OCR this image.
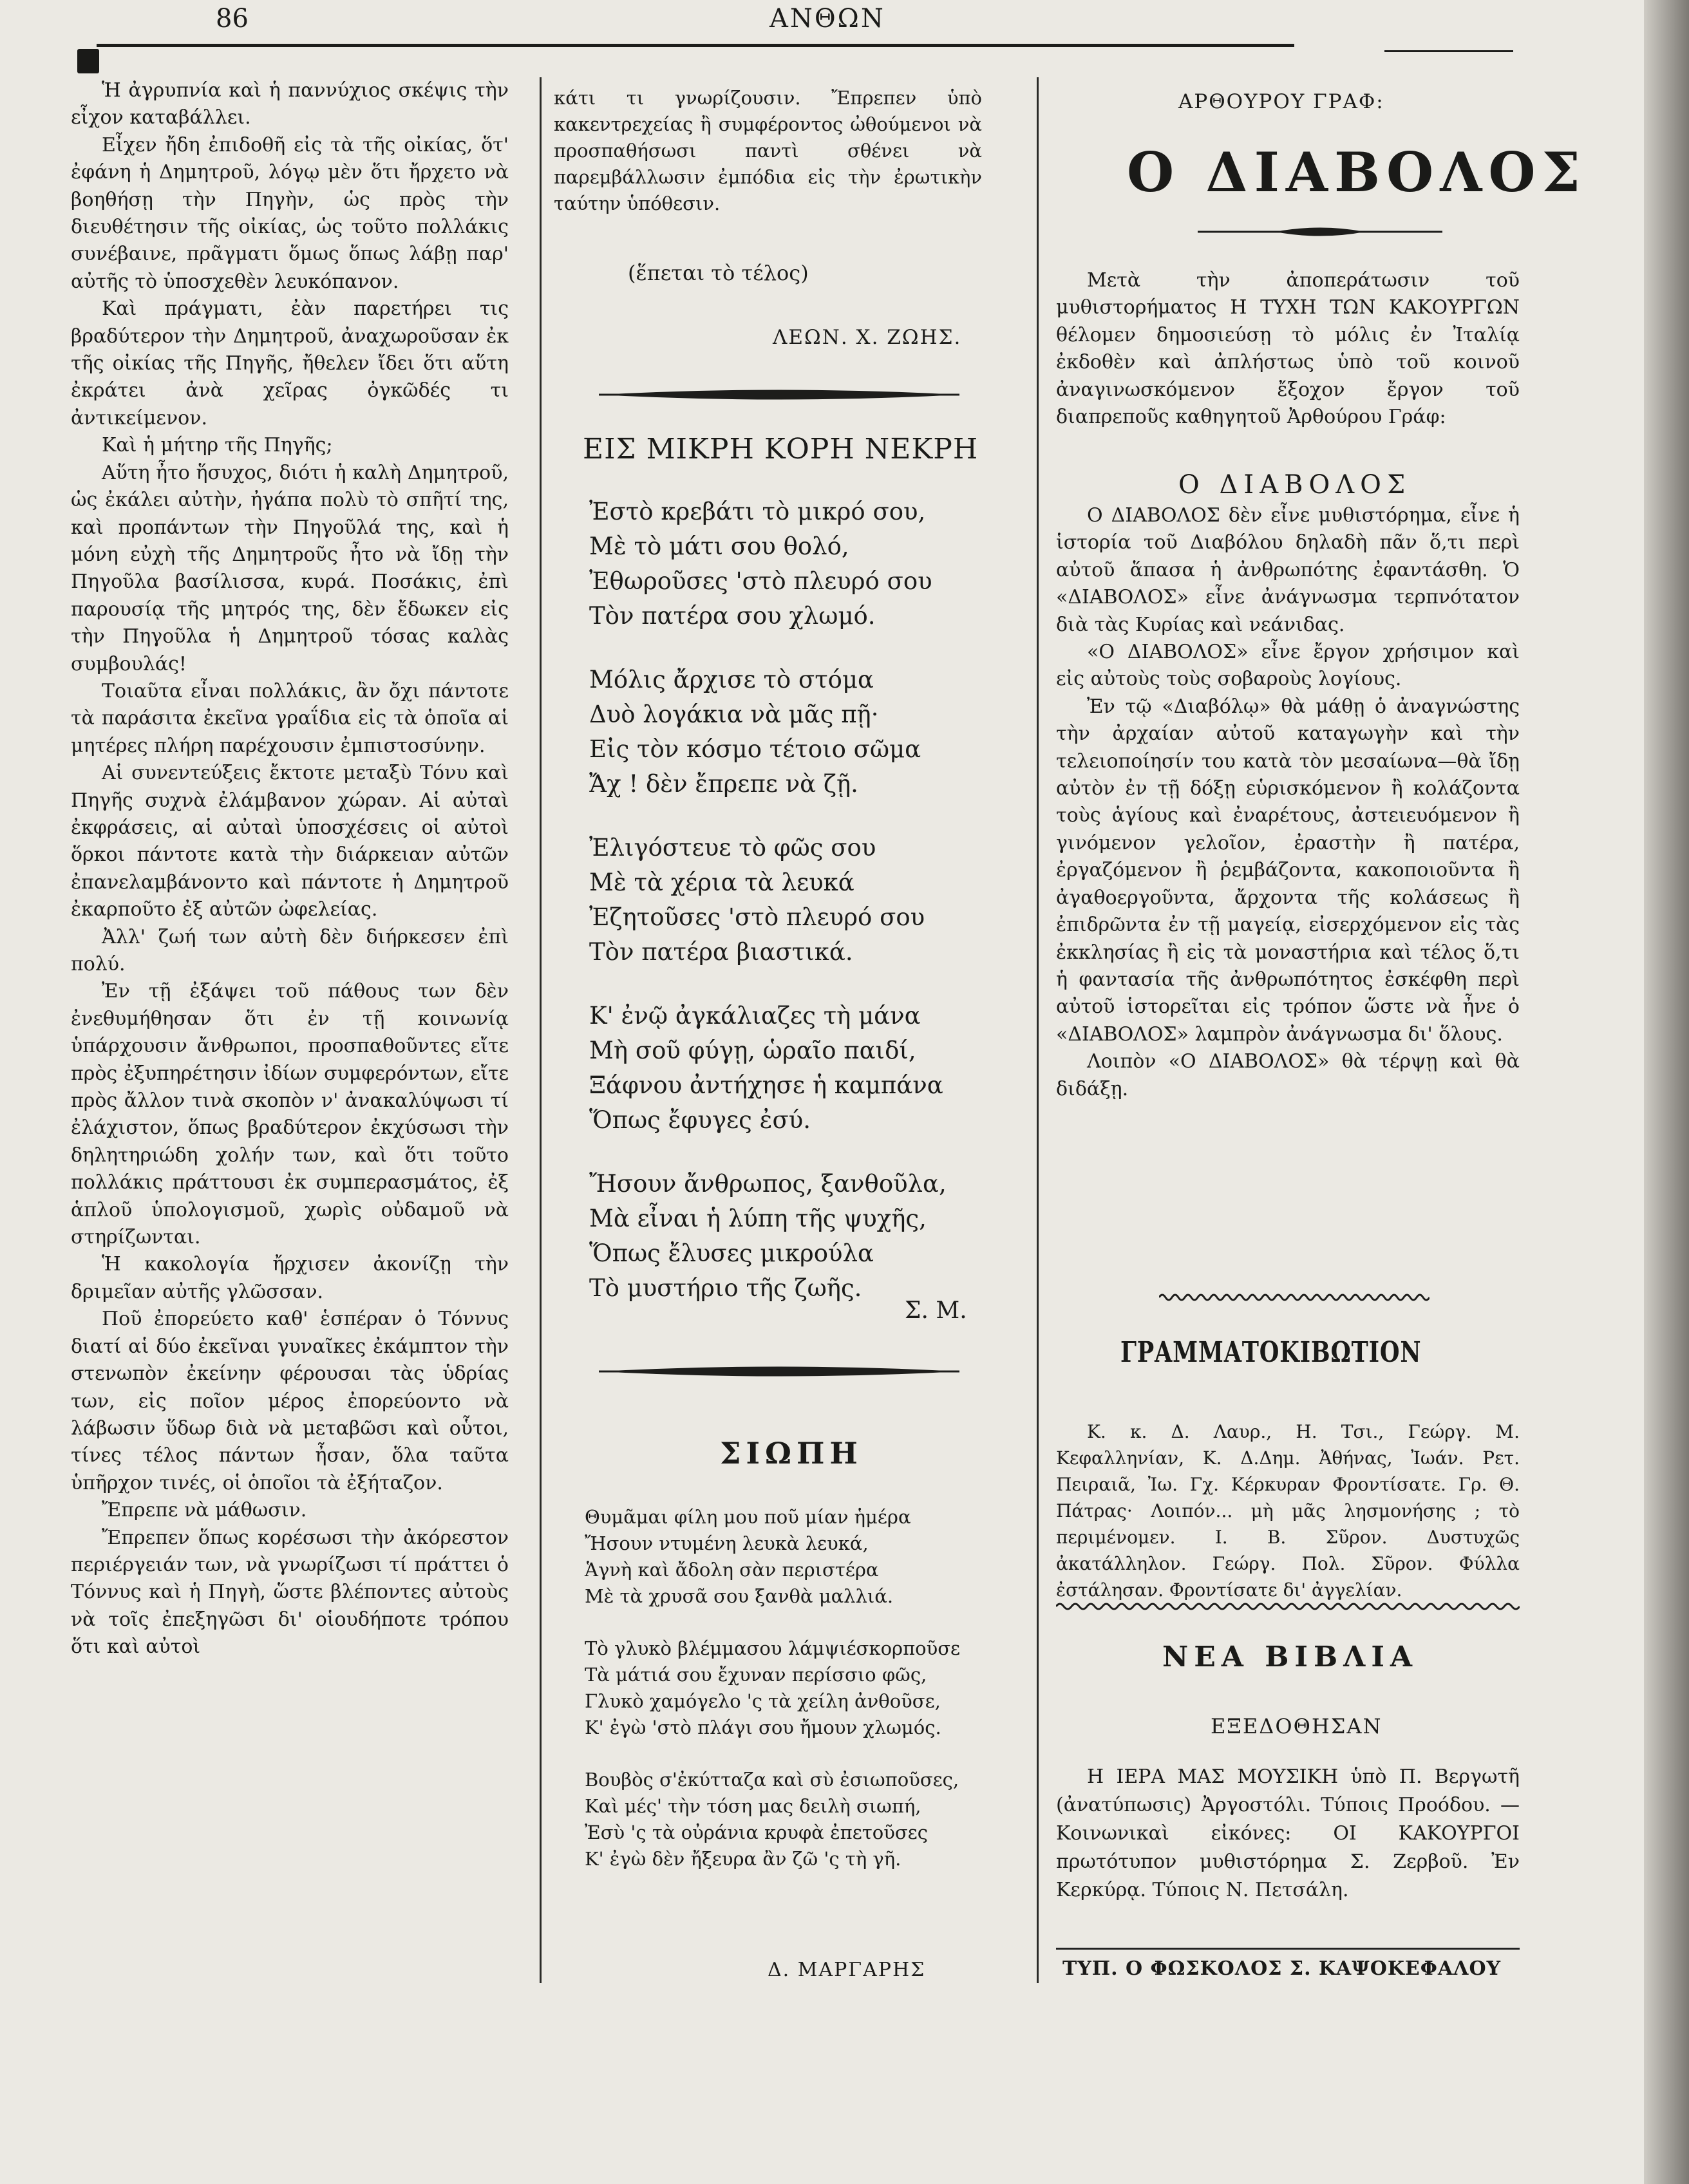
86	ΑΝΘΩΝ

Ἡ ἀγρυπνία καὶ ἡ παννύχιος σκέψις τὴν εἶχον καταβάλλει.

Εἶχεν ἤδη ἐπιδοθῆ εἰς τὰ τῆς οἰκίας, ὅτ' ἐφάνη ἡ Δημητροῦ, λόγῳ μὲν ὅτι ἤρχετο νὰ βοηθήσῃ τὴν Πηγὴν, ὡς πρὸς τὴν διευθέτησιν τῆς οἰκίας, ὡς τοῦτο πολλάκις συνέβαινε, πρᾶγματι ὅμως ὅπως λάβῃ παρ' αὐτῆς τὸ ὑποσχεθὲν λευκόπανον.

Καὶ πράγματι, ἐὰν παρετήρει τις βραδύτερον τὴν Δημητροῦ, ἀναχωροῦσαν ἐκ τῆς οἰκίας τῆς Πηγῆς, ἤθελεν ἴδει ὅτι αὕτη ἐκράτει ἀνὰ χεῖρας ὀγκῶδές τι ἀντικείμενον.

Καὶ ἡ μήτηρ τῆς Πηγῆς;

Αὕτη ἦτο ἥσυχος, διότι ἡ καλὴ Δημητροῦ, ὡς ἐκάλει αὐτὴν, ἠγάπα πολὺ τὸ σπῆτί της, καὶ προπάντων τὴν Πηγοῦλά της, καὶ ἡ μόνη εὐχὴ τῆς Δημητροῦς ἦτο νὰ ἴδῃ τὴν Πηγοῦλα βασίλισσα, κυρά. Ποσάκις, ἐπὶ παρουσίᾳ τῆς μητρός της, δὲν ἔδωκεν εἰς τὴν Πηγοῦλα ἡ Δημητροῦ τόσας καλὰς συμβουλάς!

Τοιαῦτα εἶναι πολλάκις, ἂν ὄχι πάντοτε τὰ παράσιτα ἐκεῖνα γραΐδια εἰς τὰ ὁποῖα αἱ μητέρες πλήρη παρέχουσιν ἐμπιστοσύνην.

Αἱ συνεντεύξεις ἔκτοτε μεταξὺ Τόνυ καὶ Πηγῆς συχνὰ ἐλάμβανον χώραν. Αἱ αὐταὶ ἐκφράσεις, αἱ αὐταὶ ὑποσχέσεις οἱ αὐτοὶ ὅρκοι πάντοτε κατὰ τὴν διάρκειαν αὐτῶν ἐπανελαμβάνοντο καὶ πάντοτε ἡ Δημητροῦ ἐκαρποῦτο ἐξ αὐτῶν ὠφελείας.

Ἀλλ' ζωή των αὐτὴ δὲν διήρκεσεν ἐπὶ πολύ.

Ἐν τῇ ἐξάψει τοῦ πάθους των δὲν ἐνεθυμήθησαν ὅτι ἐν τῇ κοινωνίᾳ ὑπάρχουσιν ἄνθρωποι, προσπαθοῦντες εἴτε πρὸς ἐξυπηρέτησιν ἰδίων συμφερόντων, εἴτε πρὸς ἄλλον τινὰ σκοπὸν ν' ἀνακαλύψωσι τί ἐλάχιστον, ὅπως βραδύτερον ἐκχύσωσι τὴν δηλητηριώδη χολήν των, καὶ ὅτι τοῦτο πολλάκις πράττουσι ἐκ συμπερασμάτος, ἐξ ἁπλοῦ ὑπολογισμοῦ, χωρὶς οὐδαμοῦ νὰ στηρίζωνται.

Ἡ κακολογία ἤρχισεν ἀκονίζῃ τὴν δριμεῖαν αὐτῆς γλῶσσαν.

Ποῦ ἐπορεύετο καθ' ἑσπέραν ὁ Τόννυς διατί αἱ δύο ἐκεῖναι γυναῖκες ἐκάμπτον τὴν στενωπὸν ἐκείνην φέρουσαι τὰς ὑδρίας των, εἰς ποῖον μέρος ἐπορεύοντο νὰ λάβωσιν ὕδωρ διὰ νὰ μεταβῶσι καὶ οὗτοι, τίνες τέλος πάντων ἦσαν, ὅλα ταῦτα ὑπῆρχον τινές, οἱ ὁποῖοι τὰ ἐξήταζον.

Ἔπρεπε νὰ μάθωσιν.

Ἔπρεπεν ὅπως κορέσωσι τὴν ἀκόρεστον περιέργειάν των, νὰ γνωρίζωσι τί πράττει ὁ Τόννυς καὶ ἡ Πηγὴ, ὥστε βλέποντες αὐτοὺς νὰ τοῖς ἐπεξηγῶσι δι' οἱουδήποτε τρόπου ὅτι καὶ αὐτοὶ

κάτι τι γνωρίζουσιν. Ἔπρεπεν ὑπὸ κακεντρεχείας ἢ συμφέροντος ὠθούμενοι νὰ προσπαθήσωσι παντὶ σθένει νὰ παρεμβάλλωσιν ἐμπόδια εἰς τὴν ἐρωτικὴν ταύτην ὑπόθεσιν.

(ἕπεται τὸ τέλος)
ΛΕΩΝ. Χ. ΖΩΗΣ.
ΕΙΣ ΜΙΚΡΗ ΚΟΡΗ ΝΕΚΡΗ
Ἐστὸ κρεβάτι τὸ μικρό σου,
Μὲ τὸ μάτι σου θολό,
Ἐθωροῦσες 'στὸ πλευρό σου
Τὸν πατέρα σου χλωμό.
Μόλις ἄρχισε τὸ στόμα
Δυὸ λογάκια νὰ μᾶς πῇ·
Εἰς τὸν κόσμο τέτοιο σῶμα
Ἄχ ! δὲν ἔπρεπε νὰ ζῇ.
Ἐλιγόστευε τὸ φῶς σου
Μὲ τὰ χέρια τὰ λευκά
Ἐζητοῦσες 'στὸ πλευρό σου
Τὸν πατέρα βιαστικά.
Κ' ἐνῷ ἀγκάλιαζες τὴ μάνα
Μὴ σοῦ φύγῃ, ὡραῖο παιδί,
Ξάφνου ἀντήχησε ἡ καμπάνα
Ὅπως ἔφυγες ἐσύ.
Ἤσουν ἄνθρωπος, ξανθοῦλα,
Μὰ εἶναι ἡ λύπη τῆς ψυχῆς,
Ὅπως ἔλυσες μικρούλα
Τὸ μυστήριο τῆς ζωῆς.
Σ. Μ.
ΣΙΩΠΗ
Θυμᾶμαι φίλη μου ποῦ μίαν ἡμέρα
Ἤσουν ντυμένη λευκὰ λευκά,
Ἁγνὴ καὶ ἄδολη σὰν περιστέρα
Μὲ τὰ χρυσᾶ σου ξανθὰ μαλλιά.
Τὸ γλυκὸ βλέμμασου λάμψιέσκορποῦσε
Τὰ μάτιά σου ἔχυναν περίσσιο φῶς,
Γλυκὸ χαμόγελο 'ς τὰ χείλη ἀνθοῦσε,
Κ' ἐγὼ 'στὸ πλάγι σου ἤμουν χλωμός.
Βουβὸς σ'ἐκύτταζα καὶ σὺ ἐσιωποῦσες,
Καὶ μές' τὴν τόση μας δειλὴ σιωπή,
Ἐσὺ 'ς τὰ οὐράνια κρυφὰ ἐπετοῦσες
Κ' ἐγὼ δὲν ἤξευρα ἂν ζῶ 'ς τὴ γῆ.
Δ. ΜΑΡΓΑΡΗΣ
ΑΡΘΟΥΡΟΥ ΓΡΑΦ:
Ο ΔΙΑΒΟΛΟΣ

Μετὰ τὴν ἀποπεράτωσιν τοῦ μυθιστορήματος Η ΤΥΧΗ ΤΩΝ ΚΑΚΟΥΡΓΩΝ θέλομεν δημοσιεύσῃ τὸ μόλις ἐν Ἰταλίᾳ ἐκδοθὲν καὶ ἀπλήστως ὑπὸ τοῦ κοινοῦ ἀναγινωσκόμενον ἔξοχον ἔργον τοῦ διαπρεποῦς καθηγητοῦ Ἀρθούρου Γράφ:

Ο ΔΙΑΒΟΛΟΣ

Ο ΔΙΑΒΟΛΟΣ δὲν εἶνε μυθιστόρημα, εἶνε ἡ ἱστορία τοῦ Διαβόλου δηλαδὴ πᾶν ὅ,τι περὶ αὐτοῦ ἅπασα ἡ ἀνθρωπότης ἐφαντάσθη. Ὁ «ΔΙΑΒΟΛΟΣ» εἶνε ἀνάγνωσμα τερπνότατον διὰ τὰς Κυρίας καὶ νεάνιδας.

«Ο ΔΙΑΒΟΛΟΣ» εἶνε ἔργον χρήσιμον καὶ εἰς αὐτοὺς τοὺς σοβαροὺς λογίους.

Ἐν τῷ «Διαβόλῳ» θὰ μάθῃ ὁ ἀναγνώστης τὴν ἀρχαίαν αὐτοῦ καταγωγὴν καὶ τὴν τελειοποίησίν του κατὰ τὸν μεσαίωνα—θὰ ἴδῃ αὐτὸν ἐν τῇ δόξῃ εὑρισκόμενον ἢ κολάζοντα τοὺς ἁγίους καὶ ἐναρέτους, ἀστειευόμενον ἢ γινόμενον γελοῖον, ἐραστὴν ἢ πατέρα, ἐργαζόμενον ἢ ῥεμβάζοντα, κακοποιοῦντα ἢ ἀγαθοεργοῦντα, ἄρχοντα τῆς κολάσεως ἢ ἐπιδρῶντα ἐν τῇ μαγείᾳ, εἰσερχόμενον εἰς τὰς ἐκκλησίας ἢ εἰς τὰ μοναστήρια καὶ τέλος ὅ,τι ἡ φαντασία τῆς ἀνθρωπότητος ἐσκέφθη περὶ αὐτοῦ ἱστορεῖται εἰς τρόπον ὥστε νὰ ἦνε ὁ «ΔΙΑΒΟΛΟΣ» λαμπρὸν ἀνάγνωσμα δι' ὅλους.

Λοιπὸν «Ο ΔΙΑΒΟΛΟΣ» θὰ τέρψῃ καὶ θὰ διδάξῃ.

ΓΡΑΜΜΑΤΟΚΙΒΩΤΙΟΝ

Κ. κ. Δ. Λαυρ., Η. Τσι., Γεώργ. Μ. Κεφαλληνίαν, Κ. Δ.Δημ. Ἀθήνας, Ἰωάν. Ρετ. Πειραιᾶ, Ἰω. Γχ. Κέρκυραν Φροντίσατε. Γρ. Θ. Πάτρας· Λοιπόν... μὴ μᾶς λησμονήσης ; τὸ περιμένομεν. Ι. Β. Σῦρον. Δυστυχῶς ἀκατάλληλον. Γεώργ. Πολ. Σῦρον. Φύλλα ἐστάλησαν. Φροντίσατε δι' ἀγγελίαν.

ΝΕΑ ΒΙΒΛΙΑ
ΕΞΕΔΟΘΗΣΑΝ

Η ΙΕΡΑ ΜΑΣ ΜΟΥΣΙΚΗ ὑπὸ Π. Βεργωτῆ (ἀνατύπωσις) Ἀργοστόλι. Τύποις Προόδου. — Κοινωνικαὶ εἰκόνες: ΟΙ ΚΑΚΟΥΡΓΟΙ πρωτότυπον μυθιστόρημα Σ. Ζερβοῦ. Ἐν Κερκύρᾳ. Τύποις Ν. Πετσάλη.

ΤΥΠ. Ο ΦΩΣΚΟΛΟΣ Σ. ΚΑΨΟΚΕΦΑΛΟΥ
